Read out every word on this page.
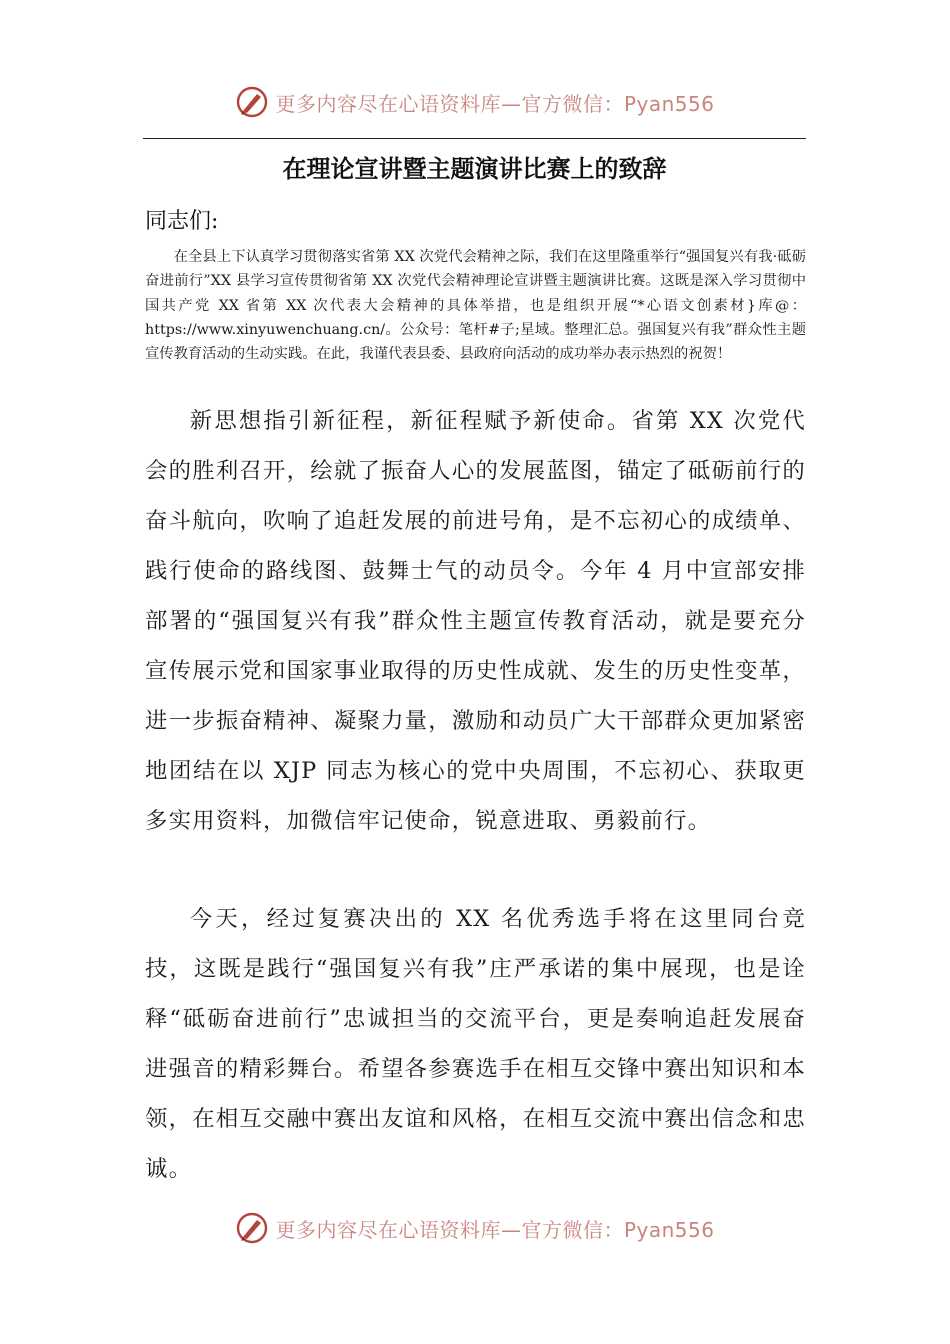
更多内容尽在心语资料库—官方微信：Pyan556
在理论宣讲暨主题演讲比赛上的致辞
同志们:

在全县上下认真学习贯彻落实省第 XX 次党代会精神之际，我们在这里隆重举行“强国复兴有我·砥砺奋进前行”XX 县学习宣传贯彻省第 XX 次党代会精神理论宣讲暨主题演讲比赛。这既是深入学习贯彻中国共产党 XX 省第 XX 次代表大会精神的具体举措，也是组织开展“*心语文创素材}库@：https://www.xinyuwenchuang.cn/。公众号：笔杆#子;星域。整理汇总。强国复兴有我”群众性主题宣传教育活动的生动实践。在此，我谨代表县委、县政府向活动的成功举办表示热烈的祝贺！

新思想指引新征程，新征程赋予新使命。省第 XX 次党代会的胜利召开，绘就了振奋人心的发展蓝图，锚定了砥砺前行的奋斗航向，吹响了追赶发展的前进号角，是不忘初心的成绩单、践行使命的路线图、鼓舞士气的动员令。今年 4 月中宣部安排部署的“强国复兴有我”群众性主题宣传教育活动，就是要充分宣传展示党和国家事业取得的历史性成就、发生的历史性变革，进一步振奋精神、凝聚力量，激励和动员广大干部群众更加紧密地团结在以 XJP 同志为核心的党中央周围，不忘初心、获取更多实用资料，加微信牢记使命，锐意进取、勇毅前行。

今天，经过复赛决出的 XX 名优秀选手将在这里同台竞技，这既是践行“强国复兴有我”庄严承诺的集中展现，也是诠释“砥砺奋进前行”忠诚担当的交流平台，更是奏响追赶发展奋进强音的精彩舞台。希望各参赛选手在相互交锋中赛出知识和本领，在相互交融中赛出友谊和风格，在相互交流中赛出信念和忠诚。

更多内容尽在心语资料库—官方微信：Pyan556
